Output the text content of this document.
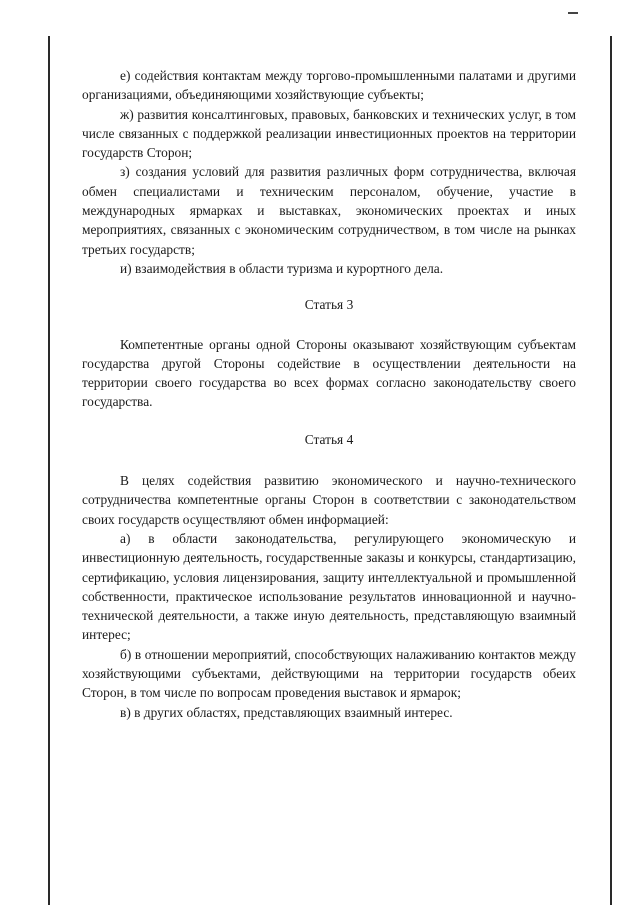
е) содействия контактам между торгово-промышленными палатами и другими организациями, объединяющими хозяйствующие субъекты;

ж) развития консалтинговых, правовых, банковских и технических услуг, в том числе связанных с поддержкой реализации инвестиционных проектов на территории государств Сторон;

з) создания условий для развития различных форм сотрудничества, включая обмен специалистами и техническим персоналом, обучение, участие в международных ярмарках и выставках, экономических проектах и иных мероприятиях, связанных с экономическим сотрудничеством, в том числе на рынках третьих государств;

и) взаимодействия в области туризма и курортного дела.

Статья 3

Компетентные органы одной Стороны оказывают хозяйствующим субъектам государства другой Стороны содействие в осуществлении деятельности на территории своего государства во всех формах согласно законодательству своего государства.

Статья 4

В целях содействия развитию экономического и научно-технического сотрудничества компетентные органы Сторон в соответствии с законодательством своих государств осуществляют обмен информацией:

а) в области законодательства, регулирующего экономическую и инвестиционную деятельность, государственные заказы и конкурсы, стандартизацию, сертификацию, условия лицензирования, защиту интеллектуальной и промышленной собственности, практическое использование результатов инновационной и научно-технической деятельности, а также иную деятельность, представляющую взаимный интерес;

б) в отношении мероприятий, способствующих налаживанию контактов между хозяйствующими субъектами, действующими на территории государств обеих Сторон, в том числе по вопросам проведения выставок и ярмарок;

в) в других областях, представляющих взаимный интерес.
